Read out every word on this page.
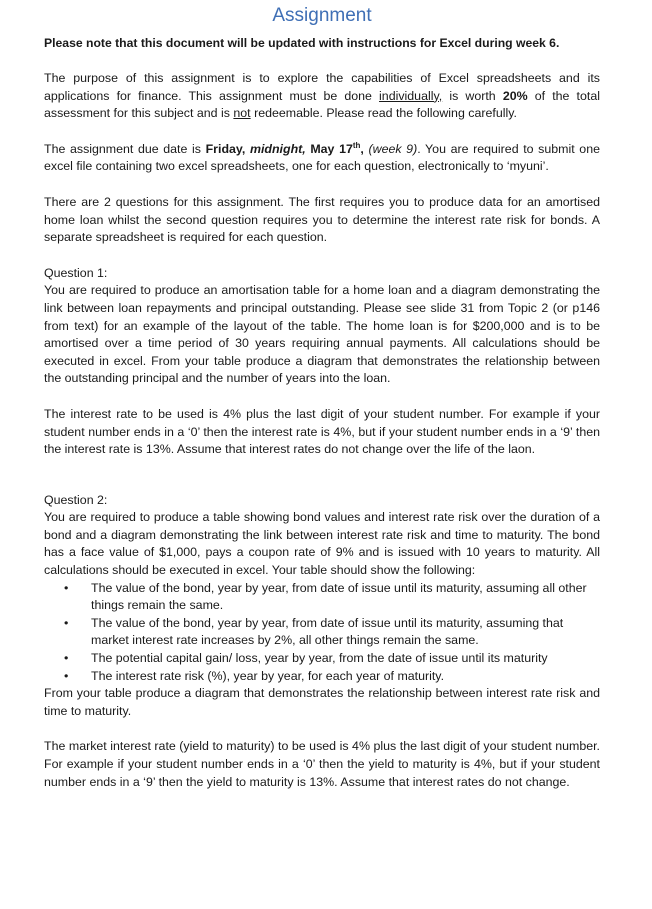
Assignment
Please note that this document will be updated with instructions for Excel during week 6.

The purpose of this assignment is to explore the capabilities of Excel spreadsheets and its applications for finance. This assignment must be done individually, is worth 20% of the total assessment for this subject and is not redeemable. Please read the following carefully.

The assignment due date is Friday, midnight, May 17th, (week 9). You are required to submit one excel file containing two excel spreadsheets, one for each question, electronically to ‘myuni’.

There are 2 questions for this assignment. The first requires you to produce data for an amortised home loan whilst the second question requires you to determine the interest rate risk for bonds. A separate spreadsheet is required for each question.

Question 1:

You are required to produce an amortisation table for a home loan and a diagram demonstrating the link between loan repayments and principal outstanding. Please see slide 31 from Topic 2 (or p146 from text) for an example of the layout of the table. The home loan is for $200,000 and is to be amortised over a time period of 30 years requiring annual payments. All calculations should be executed in excel. From your table produce a diagram that demonstrates the relationship between the outstanding principal and the number of years into the loan.

The interest rate to be used is 4% plus the last digit of your student number. For example if your student number ends in a ‘0’ then the interest rate is 4%, but if your student number ends in a ‘9’ then the interest rate is 13%. Assume that interest rates do not change over the life of the laon.

Question 2:

You are required to produce a table showing bond values and interest rate risk over the duration of a bond and a diagram demonstrating the link between interest rate risk and time to maturity. The bond has a face value of $1,000, pays a coupon rate of 9% and is issued with 10 years to maturity. All calculations should be executed in excel. Your table should show the following:

• The value of the bond, year by year, from date of issue until its maturity, assuming all other things remain the same.
• The value of the bond, year by year, from date of issue until its maturity, assuming that market interest rate increases by 2%, all other things remain the same.
• The potential capital gain/ loss, year by year, from the date of issue until its maturity
• The interest rate risk (%), year by year, for each year of maturity.

From your table produce a diagram that demonstrates the relationship between interest rate risk and time to maturity.

The market interest rate (yield to maturity) to be used is 4% plus the last digit of your student number. For example if your student number ends in a ‘0’ then the yield to maturity is 4%, but if your student number ends in a ‘9’ then the yield to maturity is 13%. Assume that interest rates do not change.
